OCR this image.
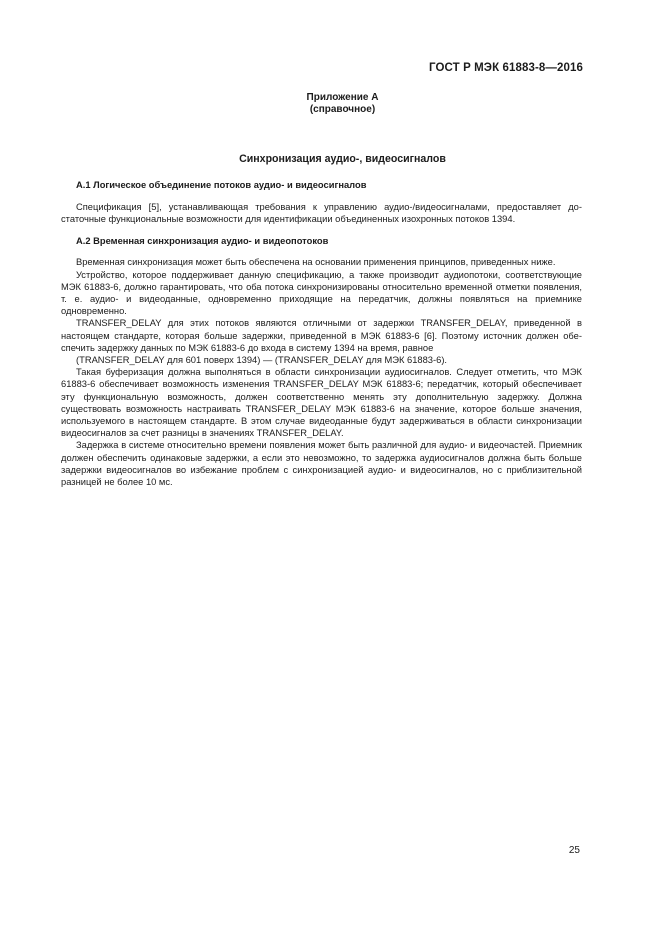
ГОСТ Р МЭК 61883-8—2016
Приложение А
(справочное)
Синхронизация аудио-, видеосигналов

А.1 Логическое объединение потоков аудио- и видеосигналов

Спецификация [5], устанавливающая требования к управлению аудио-/видеосигналами, предоставляет достаточные функциональные возможности для идентификации объединенных изохронных потоков 1394.

А.2 Временная синхронизация аудио- и видеопотоков

Временная синхронизация может быть обеспечена на основании применения принципов, приведенных ниже.

Устройство, которое поддерживает данную спецификацию, а также производит аудиопотоки, соответствующие МЭК 61883-6, должно гарантировать, что оба потока синхронизированы относительно временной отметки появления, т. е. аудио- и видеоданные, одновременно приходящие на передатчик, должны появляться на приемнике одновременно.

TRANSFER_DELAY для этих потоков являются отличными от задержки TRANSFER_DELAY, приведенной в настоящем стандарте, которая больше задержки, приведенной в МЭК 61883-6 [6]. Поэтому источник должен обеспечить задержку данных по МЭК 61883-6 до входа в систему 1394 на время, равное

(TRANSFER_DELAY для 601 поверх 1394) — (TRANSFER_DELAY для МЭК 61883-6).

Такая буферизация должна выполняться в области синхронизации аудиосигналов. Следует отметить, что МЭК 61883-6 обеспечивает возможность изменения TRANSFER_DELAY МЭК 61883-6; передатчик, который обеспечивает эту функциональную возможность, должен соответственно менять эту дополнительную задержку. Должна существовать возможность настраивать TRANSFER_DELAY МЭК 61883-6 на значение, которое больше значения, используемого в настоящем стандарте. В этом случае видеоданные будут задерживаться в области синхронизации видеосигналов за счет разницы в значениях TRANSFER_DELAY.

Задержка в системе относительно времени появления может быть различной для аудио- и видеочастей. Приемник должен обеспечить одинаковые задержки, а если это невозможно, то задержка аудиосигналов должна быть больше задержки видеосигналов во избежание проблем с синхронизацией аудио- и видеосигналов, но с приблизительной разницей не более 10 мс.

25
